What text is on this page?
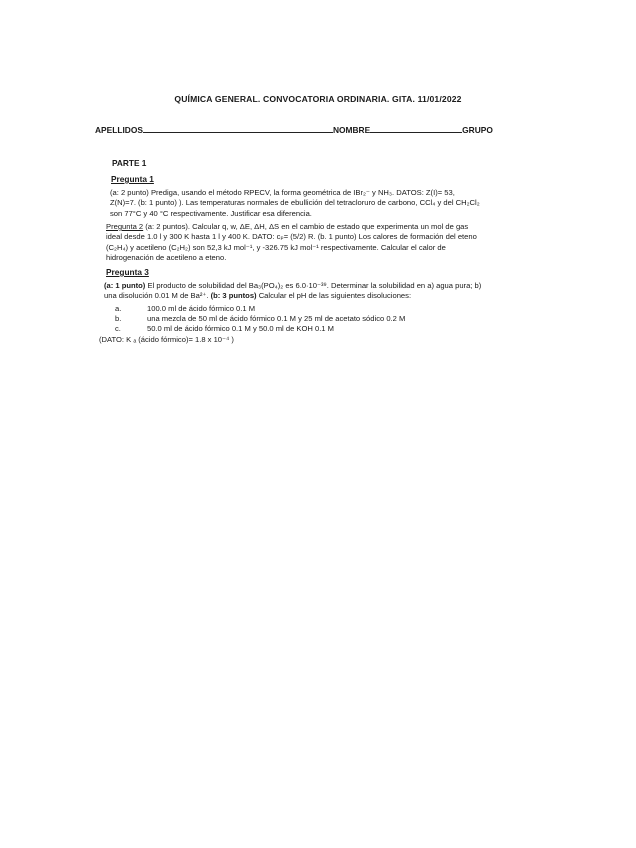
QUÍMICA GENERAL. CONVOCATORIA ORDINARIA. GITA. 11/01/2022
APELLIDOS	NOMBRE	GRUPO
PARTE 1
Pregunta 1
(a: 2 punto) Prediga, usando el método RPECV, la forma geométrica de IBr₂⁻ y NH₃. DATOS: Z(I)= 53,
Z(N)=7. (b: 1 punto) ). Las temperaturas normales de ebullición del tetracloruro de carbono, CCl₄ y del CH₂Cl₂
son 77°C y 40 °C respectivamente. Justificar esa diferencia.
Pregunta 2 (a: 2 puntos). Calcular q, w, ΔE, ΔH, ΔS en el cambio de estado que experimenta un mol de gas
ideal desde 1.0 l y 300 K hasta 1 l y 400 K. DATO: cₚ= (5/2) R. (b. 1 punto) Los calores de formación del eteno
(C₂H₄) y acetileno (C₂H₂) son 52,3 kJ mol⁻¹, y -326.75 kJ mol⁻¹ respectivamente. Calcular el calor de
hidrogenación de acetileno a eteno.
Pregunta 3
(a: 1 punto) El producto de solubilidad del Ba₃(PO₄)₂ es 6.0·10⁻³⁹. Determinar la solubilidad en a) agua pura; b)
una disolución 0.01 M de Ba²⁺. (b: 3 puntos) Calcular el pH de las siguientes disoluciones:
a.	100.0 ml de ácido fórmico 0.1 M
b.	una mezcla de 50 ml de ácido fórmico 0.1 M y 25 ml de acetato sódico 0.2 M
c.	50.0 ml de ácido fórmico 0.1 M y 50.0 ml de KOH 0.1 M
(DATO: K ₐ (ácido fórmico)= 1.8 x 10⁻⁴ )
